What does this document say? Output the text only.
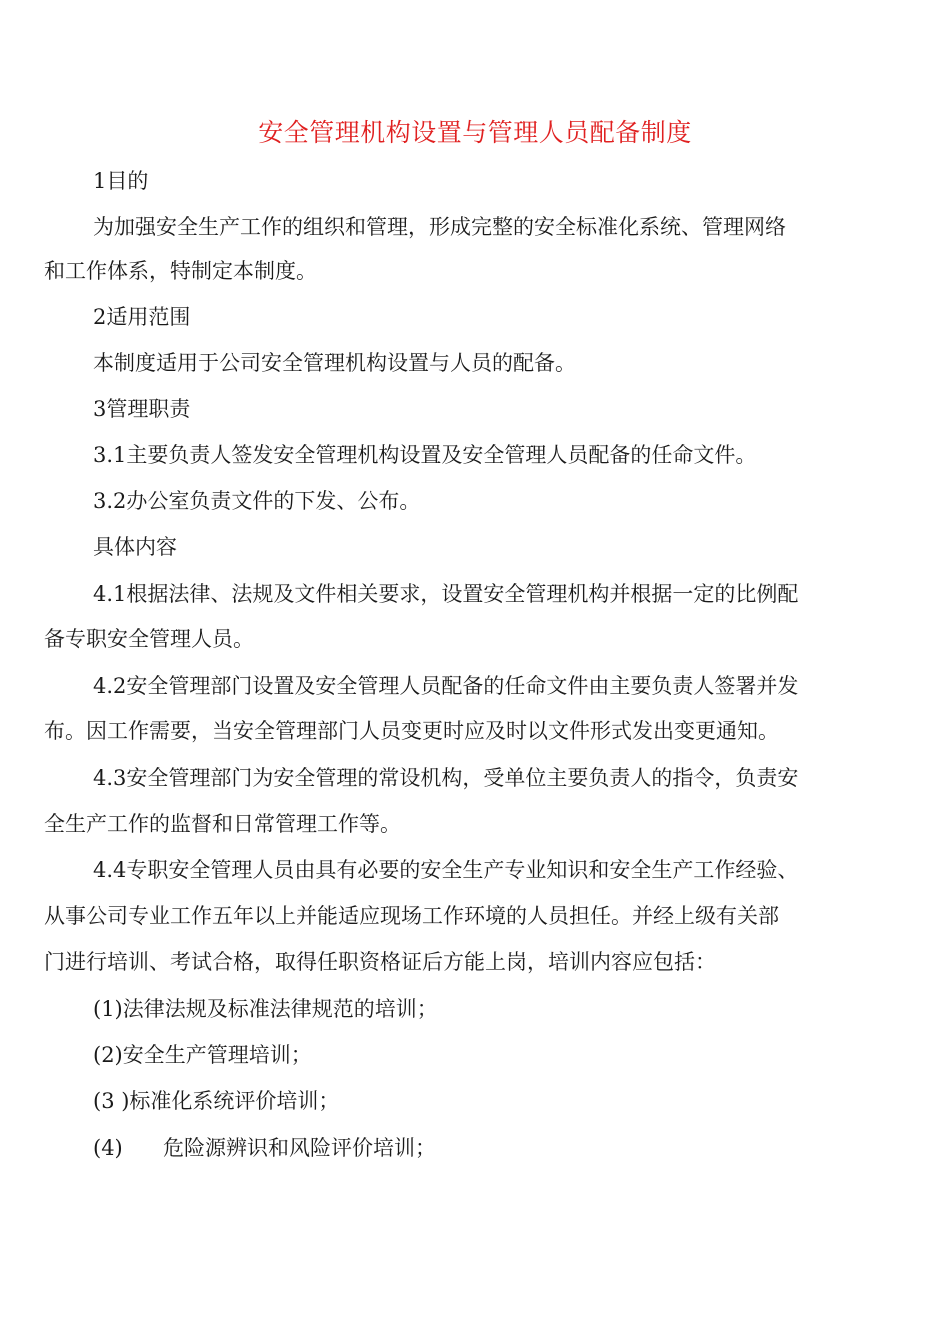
安全管理机构设置与管理人员配备制度
1目的
为加强安全生产工作的组织和管理，形成完整的安全标准化系统、管理网络
和工作体系，特制定本制度。
2适用范围
本制度适用于公司安全管理机构设置与人员的配备。
3管理职责
3.1主要负责人签发安全管理机构设置及安全管理人员配备的任命文件。
3.2办公室负责文件的下发、公布。
具体内容
4.1根据法律、法规及文件相关要求，设置安全管理机构并根据一定的比例配
备专职安全管理人员。
4.2安全管理部门设置及安全管理人员配备的任命文件由主要负责人签署并发
布。因工作需要，当安全管理部门人员变更时应及时以文件形式发出变更通知。
4.3安全管理部门为安全管理的常设机构，受单位主要负责人的指令，负责安
全生产工作的监督和日常管理工作等。
4.4专职安全管理人员由具有必要的安全生产专业知识和安全生产工作经验、
从事公司专业工作五年以上并能适应现场工作环境的人员担任。并经上级有关部
门进行培训、考试合格，取得任职资格证后方能上岗，培训内容应包括：
(1)法律法规及标准法律规范的培训；
(2)安全生产管理培训；
(3 )标准化系统评价培训；
(4) 危险源辨识和风险评价培训；
